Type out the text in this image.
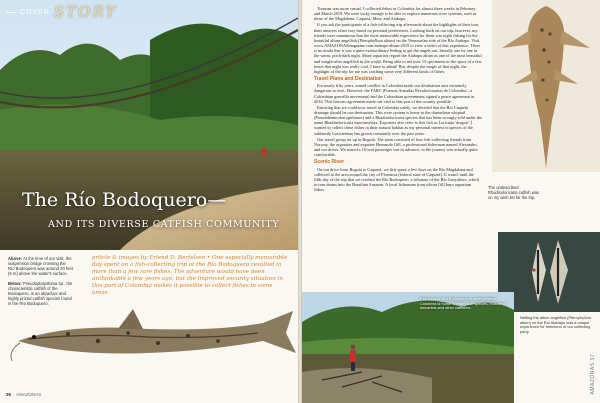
COVER STORY
The Río Bodoquero—
AND ITS DIVERSE CATFISH COMMUNITY
Above: At the time of our visit, the suspension bridge crossing the Río Bodoquero was around 20 feet (6 m) above the water's surface.

Below: Pseudoplatystoma sp., the characteristic catfish of the Bodoquero, is an attractive and highly prized catfish species found in the Río Bodoquero.
article & images by Erlend D. Bertelsen • One especially memorable day spent on a fish-collecting trip at the Río Bodoquero resulted in more than a few rare fishes. The adventure would have been unthinkable a few years ago, but the improved security situation in this part of Colombia makes it possible to collect fishes in some areas.
36 AMAZONAS

Tourism was more casual, I collected fishes in Colombia for almost three weeks in February and March 2019. We were lucky enough to be able to explore numerous river systems, such as those of the Magdalena, Caquetá, Meta, and Atabapo.

If you ask the participants of a fish-collecting trip afterwards about the highlights of their tour, their answers often vary based on personal preferences. Looking back on our trip, however, my friends were unanimous that the most memorable experience for them was night fishing for the beautiful altum angelfish (Pterophyllum altum) on the Venezuelan side of the Río Atabapo. Visit www.AMAZONASmagazine.com/atabapo-altum-2019 to view a video of this experience. There is no doubt that it was a quite extraordinary feeling to get the angels out, literally one by one in the warm, pitch-dark night. Many aquarists regard the Atabapo altum as one of the most beautiful and sought-after angelfish in the world. Being able to net over 15 specimens in the space of a few hours that night was really cool, I have to admit! But, despite the magic of that night, the highlight of the trip for me was catching some very different kinds of fishes.

Travel Plans and Destination

For nearly fifty years, armed conflict in Colombia made our destination area extremely dangerous to visit. However, the FARC (Fuerzas Armadas Revolucionarias de Colombia—a Colombian guerrilla movement) and the Colombian government signed a peace agreement in 2016. This historic agreement made our visit to this part of the country possible.

Knowing that we could now travel in Colombia safely, we decided that the Río Caquetá drainage should be our destination. This river system is home to the chameleon whiptail (Pseudohemiodon apithanos) and a Rhadinoloricaria species that has been wrongly sold under the name Rhadinoloricaria macromystax. Exporters also refer to this fish as Loricaria 'dragon'. I wanted to collect these fishes in their natural habitat as my personal interest in species of the subfamily Loricariinae has grown constantly over the past years.

Our travel group set up in Bogotá. The team consisted of four fish-collecting friends from Norway, the organizer and exporter Hernando Gill, a professional fisherman named Alexandro, and our driver. We rented a 16-seat passenger van in advance, so the journey was actually quite comfortable.

Scenic River

On our drive from Bogotá to Caquetá, we first spent a few days on the Río Magdalena and collected in the area around the city of Florencia (federal state of Caquetá). It wasn't until the fifth day of the trip that we reached the Río Bodoquero, a tributary of the Río Guayabero, which in turn drains into the Brazilian Amazon. A local fisherman from whom Gill buys aquarium fishes	The undescribed Rhadinoloricaria catfish was on my wish list for the trip.
Netting the altum angelfish (Pterophyllum altum) on the Río Atabapo was a unique experience for members of our collecting party.
Picturesque Río Bodoquero in southwestern Colombia is home to many fish species, including loricariids and other catfishes.
AMAZONAS 37
